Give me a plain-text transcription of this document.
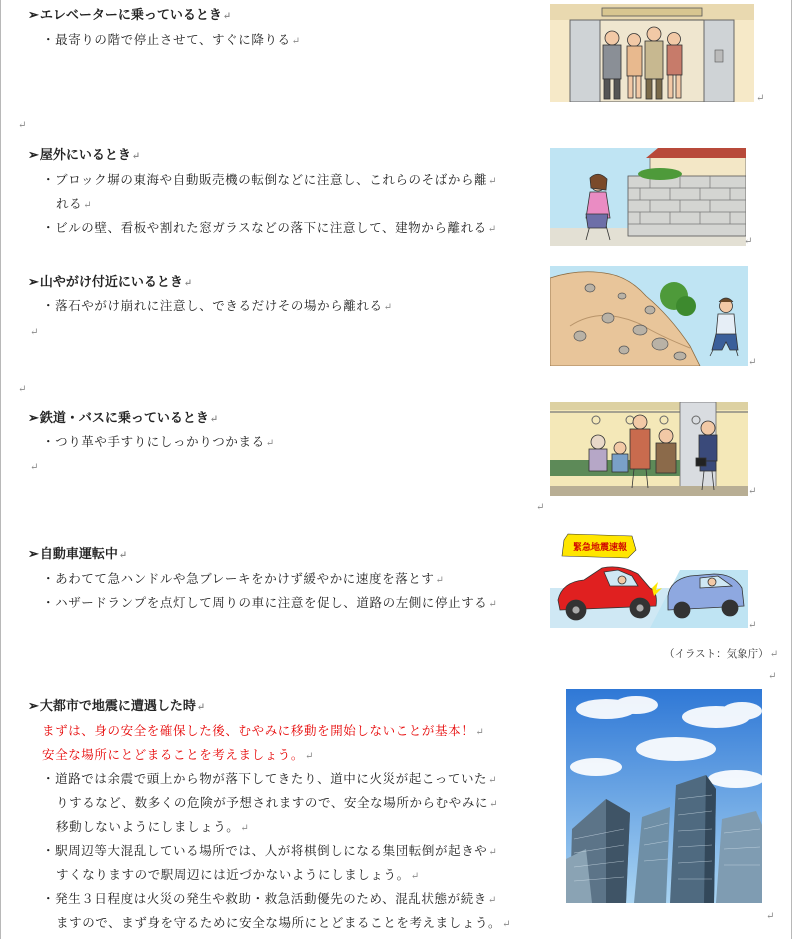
➢エレベーターに乗っているとき↵
・最寄りの階で停止させて、すぐに降りる↵
↵
↵
➢屋外にいるとき↵
・ブロック塀の東海や自動販売機の転倒などに注意し、これらのそばから離↵
れる↵
・ビルの壁、看板や割れた窓ガラスなどの落下に注意して、建物から離れる↵
↵
➢山やがけ付近にいるとき↵
・落石やがけ崩れに注意し、できるだけその場から離れる↵
↵
↵
↵
➢鉄道・バスに乗っているとき↵
・つり革や手すりにしっかりつかまる↵
↵
↵
↵
➢自動車運転中↵
・あわてて急ハンドルや急ブレーキをかけず緩やかに速度を落とす↵
・ハザードランプを点灯して周りの車に注意を促し、道路の左側に停止する↵
緊急地震速報
↵
（イラスト：気象庁）↵
↵
➢大都市で地震に遭遇した時↵
まずは、身の安全を確保した後、むやみに移動を開始しないことが基本！↵
安全な場所にとどまることを考えましょう。↵
・道路では余震で頭上から物が落下してきたり、道中に火災が起こっていた↵
りするなど、数多くの危険が予想されますので、安全な場所からむやみに↵
移動しないようにしましょう。↵
・駅周辺等大混乱している場所では、人が将棋倒しになる集団転倒が起きや↵
すくなりますので駅周辺には近づかないようにしましょう。↵
・発生３日程度は火災の発生や救助・救急活動優先のため、混乱状態が続き↵
ますので、まず身を守るために安全な場所にとどまることを考えましょう。↵
↵
